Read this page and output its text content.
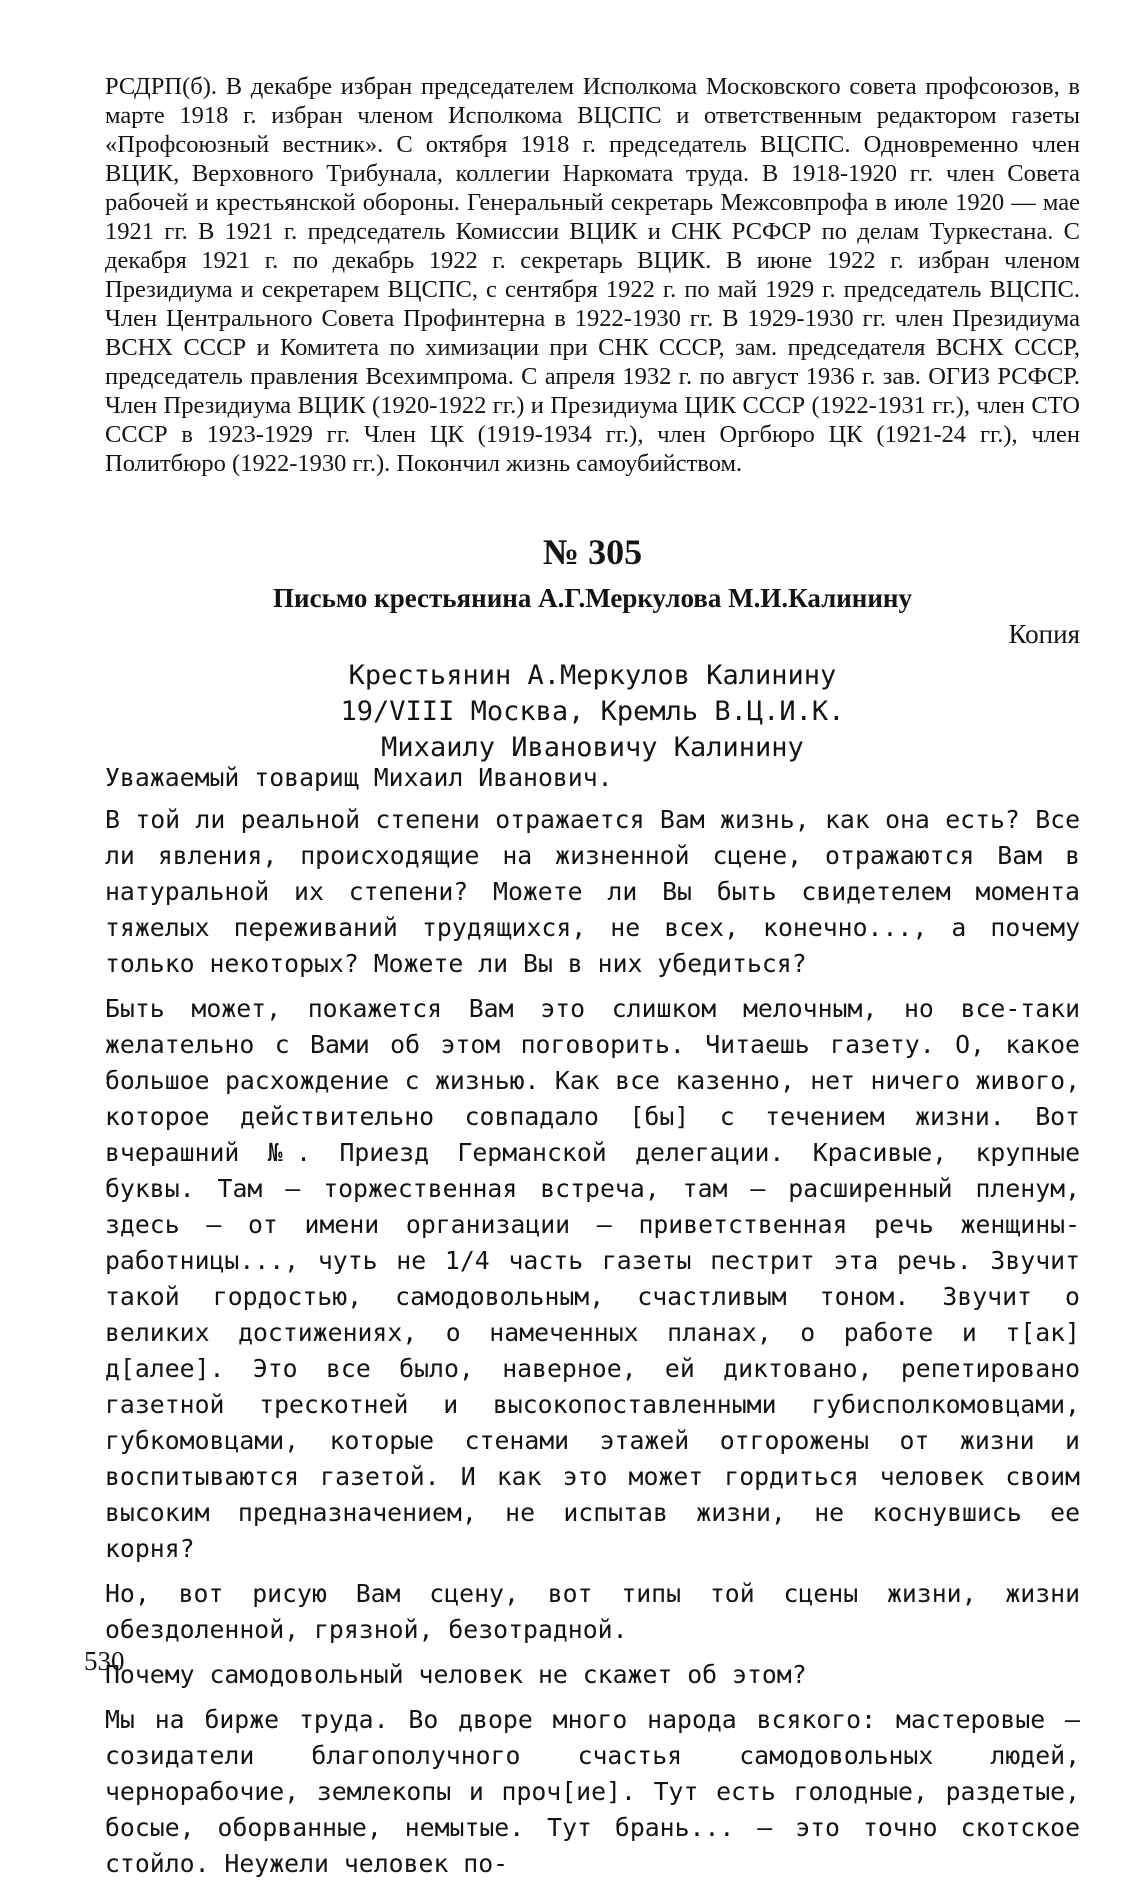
РСДРП(б). В декабре избран председателем Исполкома Московского совета профсоюзов, в марте 1918 г. избран членом Исполкома ВЦСПС и ответственным редактором газеты «Профсоюзный вестник». С октября 1918 г. председатель ВЦСПС. Одновременно член ВЦИК, Верховного Трибунала, коллегии Наркомата труда. В 1918-1920 гг. член Совета рабочей и крестьянской обороны. Генеральный секретарь Межсовпрофа в июле 1920 — мае 1921 гг. В 1921 г. председатель Комиссии ВЦИК и СНК РСФСР по делам Туркестана. С декабря 1921 г. по декабрь 1922 г. секретарь ВЦИК. В июне 1922 г. избран членом Президиума и секретарем ВЦСПС, с сентября 1922 г. по май 1929 г. председатель ВЦСПС. Член Центрального Совета Профинтерна в 1922-1930 гг. В 1929-1930 гг. член Президиума ВСНХ СССР и Комитета по химизации при СНК СССР, зам. председателя ВСНХ СССР, председатель правления Всехимпрома. С апреля 1932 г. по август 1936 г. зав. ОГИЗ РСФСР. Член Президиума ВЦИК (1920-1922 гг.) и Президиума ЦИК СССР (1922-1931 гг.), член СТО СССР в 1923-1929 гг. Член ЦК (1919-1934 гг.), член Оргбюро ЦК (1921-24 гг.), член Политбюро (1922-1930 гг.). Покончил жизнь самоубийством.

№ 305
Письмо крестьянина А.Г.Меркулова М.И.Калинину
Копия
Крестьянин А.Меркулов Калинину
19/VIII Москва, Кремль В.Ц.И.К.
Михаилу Ивановичу Калинину

Уважаемый товарищ Михаил Иванович.

В той ли реальной степени отражается Вам жизнь, как она есть? Все ли явления, происходящие на жизненной сцене, отражаются Вам в натуральной их степени? Можете ли Вы быть свидетелем момента тяжелых переживаний трудящихся, не всех, конечно..., а почему только некоторых? Можете ли Вы в них убедиться?

Быть может, покажется Вам это слишком мелочным, но все-таки желательно с Вами об этом поговорить. Читаешь газету. О, какое большое расхождение с жизнью. Как все казенно, нет ничего живого, которое действительно совпадало [бы] с течением жизни. Вот вчерашний №. Приезд Германской делегации. Красивые, крупные буквы. Там — торжественная встреча, там — расширенный пленум, здесь — от имени организации — приветственная речь женщины-работницы..., чуть не 1/4 часть газеты пестрит эта речь. Звучит такой гордостью, самодовольным, счастливым тоном. Звучит о великих достижениях, о намеченных планах, о работе и т[ак] д[алее]. Это все было, наверное, ей диктовано, репетировано газетной трескотней и высокопоставленными губисполкомовцами, губкомовцами, которые стенами этажей отгорожены от жизни и воспитываются газетой. И как это может гордиться человек своим высоким предназначением, не испытав жизни, не коснувшись ее корня?

Но, вот рисую Вам сцену, вот типы той сцены жизни, жизни обездоленной, грязной, безотрадной.

Почему самодовольный человек не скажет об этом?

Мы на бирже труда. Во дворе много народа всякого: мастеровые — созидатели благополучного счастья самодовольных людей, чернорабочие, землекопы и проч[ие]. Тут есть голодные, раздетые, босые, оборванные, немытые. Тут брань... — это точно скотское стойло. Неужели человек по-

530
